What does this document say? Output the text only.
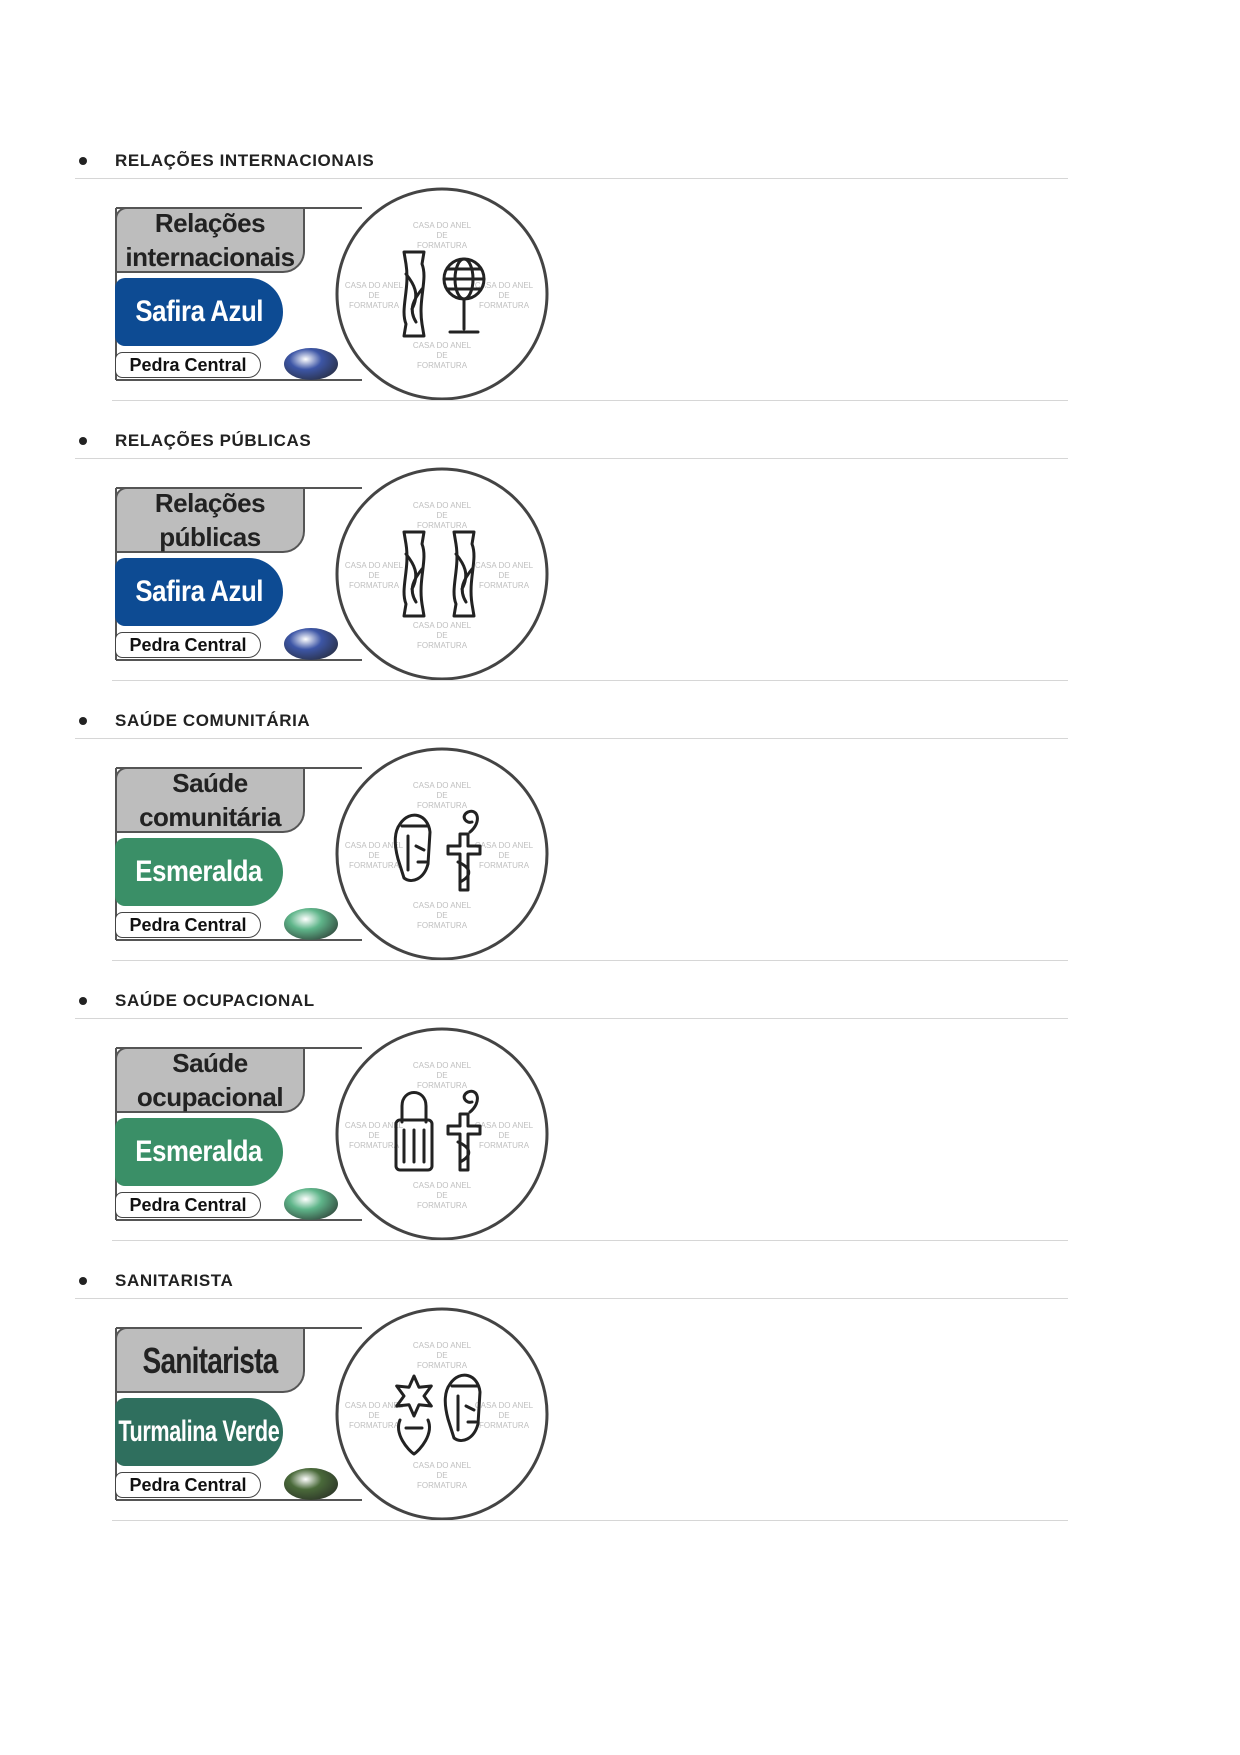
RELAÇÕES INTERNACIONAIS
CASA DO ANEL
DE
FORMATURA
CASA DO ANEL
DE
FORMATURA
CASA DO ANEL
DE
FORMATURA
CASA DO ANEL
DE
FORMATURA
Relações
internacionais
Safira Azul
Pedra Central
RELAÇÕES PÚBLICAS
CASA DO ANEL
DE
FORMATURA
CASA DO ANEL
DE
FORMATURA
CASA DO ANEL
DE
FORMATURA
CASA DO ANEL
DE
FORMATURA
Relações
públicas
Safira Azul
Pedra Central
SAÚDE COMUNITÁRIA
CASA DO ANEL
DE
FORMATURA
CASA DO ANEL
DE
FORMATURA
CASA DO ANEL
DE
FORMATURA
CASA DO ANEL
DE
FORMATURA
Saúde
comunitária
Esmeralda
Pedra Central
SAÚDE OCUPACIONAL
CASA DO ANEL
DE
FORMATURA
CASA DO ANEL
DE
FORMATURA
CASA DO ANEL
DE
FORMATURA
CASA DO ANEL
DE
FORMATURA
Saúde
ocupacional
Esmeralda
Pedra Central
SANITARISTA
CASA DO ANEL
DE
FORMATURA
CASA DO ANEL
DE
FORMATURA
CASA DO ANEL
DE
FORMATURA
CASA DO ANEL
DE
FORMATURA
Sanitarista
Turmalina Verde
Pedra Central
